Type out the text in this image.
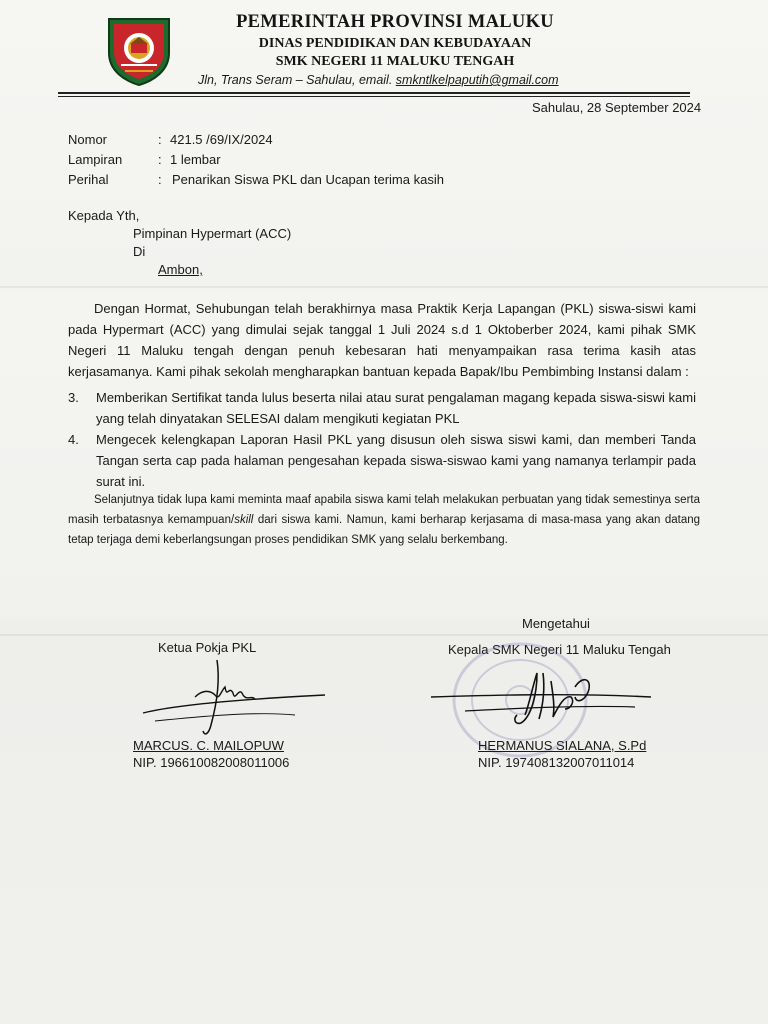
PEMERINTAH PROVINSI MALUKU
DINAS PENDIDIKAN DAN KEBUDAYAAN
SMK NEGERI 11 MALUKU TENGAH
Jln, Trans Seram – Sahulau, email. smkntlkelpaputih@gmail.com
Sahulau, 28 September 2024
Nomor	: 421.5 /69/IX/2024
Lampiran	: 1 lembar
Perihal	: Penarikan Siswa PKL dan Ucapan terima kasih
Kepada Yth,
Pimpinan Hypermart (ACC)
Di
Ambon,
Dengan Hormat, Sehubungan telah berakhirnya masa Praktik Kerja Lapangan (PKL) siswa-siswi kami pada Hypermart (ACC) yang dimulai sejak tanggal 1 Juli 2024 s.d 1 Oktoberber 2024, kami pihak SMK Negeri 11 Maluku tengah dengan penuh kebesaran hati menyampaikan rasa terima kasih atas kerjasamanya. Kami pihak sekolah mengharapkan bantuan kepada Bapak/Ibu Pembimbing Instansi dalam :
3. Memberikan Sertifikat tanda lulus beserta nilai atau surat pengalaman magang kepada siswa-siswi kami yang telah dinyatakan SELESAI dalam mengikuti kegiatan PKL
4. Mengecek kelengkapan Laporan Hasil PKL yang disusun oleh siswa siswi kami, dan memberi Tanda Tangan serta cap pada halaman pengesahan kepada siswa-siswao kami yang namanya terlampir pada surat ini.

Selanjutnya tidak lupa kami meminta maaf apabila siswa kami telah melakukan perbuatan yang tidak semestinya serta masih terbatasnya kemampuan/skill dari siswa kami. Namun, kami berharap kerjasama di masa-masa yang akan datang tetap terjaga demi keberlangsungan proses pendidikan SMK yang selalu berkembang.

Ketua Pokja PKL
MARCUS. C. MAILOPUW
NIP. 196610082008011006
Mengetahui
Kepala SMK Negeri 11 Maluku Tengah
HERMANUS SIALANA, S.Pd
NIP. 197408132007011014
